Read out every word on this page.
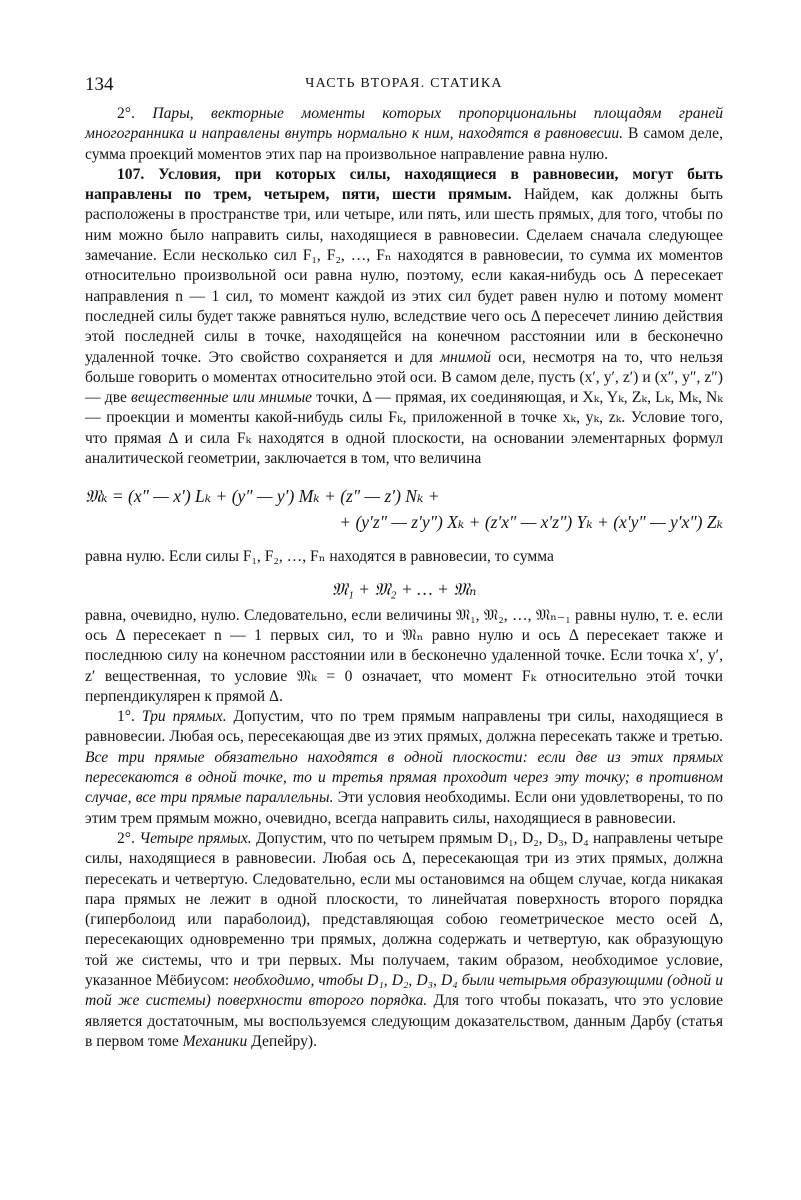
134	ЧАСТЬ ВТОРАЯ. СТАТИКА

2°. Пары, векторные моменты которых пропорциональны площадям граней многогранника и направлены внутрь нормально к ним, находятся в равновесии. В самом деле, сумма проекций моментов этих пар на произвольное направление равна нулю.

107. Условия, при которых силы, находящиеся в равновесии, могут быть направлены по трем, четырем, пяти, шести прямым. Найдем, как должны быть расположены в пространстве три, или четыре, или пять, или шесть прямых, для того, чтобы по ним можно было направить силы, находящиеся в равновесии. Сделаем сначала следующее замечание. Если несколько сил F₁, F₂, …, Fₙ находятся в равновесии, то сумма их моментов относительно произвольной оси равна нулю, поэтому, если какая-нибудь ось Δ пересекает направления n — 1 сил, то момент каждой из этих сил будет равен нулю и потому момент последней силы будет также равняться нулю, вследствие чего ось Δ пересечет линию действия этой последней силы в точке, находящейся на конечном расстоянии или в бесконечно удаленной точке. Это свойство сохраняется и для мнимой оси, несмотря на то, что нельзя больше говорить о моментах относительно этой оси. В самом деле, пусть (x′, y′, z′) и (x″, y″, z″) — две вещественные или мнимые точки, Δ — прямая, их соединяющая, и Xₖ, Yₖ, Zₖ, Lₖ, Mₖ, Nₖ — проекции и моменты какой-нибудь силы Fₖ, приложенной в точке xₖ, yₖ, zₖ. Условие того, что прямая Δ и сила Fₖ находятся в одной плоскости, на основании элементарных формул аналитической геометрии, заключается в том, что величина

𝔐ₖ = (x″ — x′) Lₖ + (y″ — y′) Mₖ + (z″ — z′) Nₖ +
+ (y′z″ — z′y″) Xₖ + (z′x″ — x′z″) Yₖ + (x′y″ — y′x″) Zₖ

равна нулю. Если силы F₁, F₂, …, Fₙ находятся в равновесии, то сумма

𝔐₁ + 𝔐₂ + … + 𝔐ₙ

равна, очевидно, нулю. Следовательно, если величины 𝔐₁, 𝔐₂, …, 𝔐ₙ₋₁ равны нулю, т. е. если ось Δ пересекает n — 1 первых сил, то и 𝔐ₙ равно нулю и ось Δ пересекает также и последнюю силу на конечном расстоянии или в бесконечно удаленной точке. Если точка x′, y′, z′ вещественная, то условие 𝔐ₖ = 0 означает, что момент Fₖ относительно этой точки перпендикулярен к прямой Δ.

1°. Три прямых. Допустим, что по трем прямым направлены три силы, находящиеся в равновесии. Любая ось, пересекающая две из этих прямых, должна пересекать также и третью. Все три прямые обязательно находятся в одной плоскости: если две из этих прямых пересекаются в одной точке, то и третья прямая проходит через эту точку; в противном случае, все три прямые параллельны. Эти условия необходимы. Если они удовлетворены, то по этим трем прямым можно, очевидно, всегда направить силы, находящиеся в равновесии.

2°. Четыре прямых. Допустим, что по четырем прямым D₁, D₂, D₃, D₄ направлены четыре силы, находящиеся в равновесии. Любая ось Δ, пересекающая три из этих прямых, должна пересекать и четвертую. Следовательно, если мы остановимся на общем случае, когда никакая пара прямых не лежит в одной плоскости, то линейчатая поверхность второго порядка (гиперболоид или параболоид), представляющая собою геометрическое место осей Δ, пересекающих одновременно три прямых, должна содержать и четвертую, как образующую той же системы, что и три первых. Мы получаем, таким образом, необходимое условие, указанное Мёбиусом: необходимо, чтобы D₁, D₂, D₃, D₄ были четырьмя образующими (одной и той же системы) поверхности второго порядка. Для того чтобы показать, что это условие является достаточным, мы воспользуемся следующим доказательством, данным Дарбу (статья в первом томе Механики Депейру).
